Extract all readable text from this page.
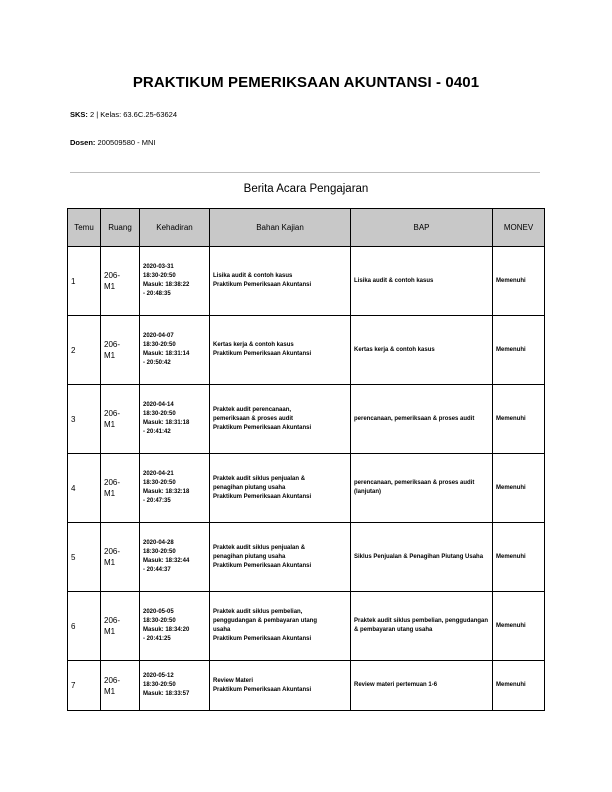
PRAKTIKUM PEMERIKSAAN AKUNTANSI - 0401
SKS: 2 | Kelas: 63.6C.25-63624
Dosen: 200509580 - MNI
Berita Acara Pengajaran
Temu	Ruang	Kehadiran	Bahan Kajian	BAP	MONEV
1	206-
M1	2020-03-31
18:30-20:50
Masuk: 18:38:22
- 20:48:35	Lisika audit & contoh kasus
Praktikum Pemeriksaan Akuntansi	Lisika audit & contoh kasus	Memenuhi
2	206-
M1	2020-04-07
18:30-20:50
Masuk: 18:31:14
- 20:50:42	Kertas kerja & contoh kasus
Praktikum Pemeriksaan Akuntansi	Kertas kerja & contoh kasus	Memenuhi
3	206-
M1	2020-04-14
18:30-20:50
Masuk: 18:31:18
- 20:41:42	Praktek audit perencanaan,
pemeriksaan & proses audit
Praktikum Pemeriksaan Akuntansi	perencanaan, pemeriksaan & proses audit	Memenuhi
4	206-
M1	2020-04-21
18:30-20:50
Masuk: 18:32:18
- 20:47:35	Praktek audit siklus penjualan &
penagihan piutang usaha
Praktikum Pemeriksaan Akuntansi	perencanaan, pemeriksaan & proses audit (lanjutan)	Memenuhi
5	206-
M1	2020-04-28
18:30-20:50
Masuk: 18:32:44
- 20:44:37	Praktek audit siklus penjualan &
penagihan piutang usaha
Praktikum Pemeriksaan Akuntansi	Siklus Penjualan & Penagihan Piutang Usaha	Memenuhi
6	206-
M1	2020-05-05
18:30-20:50
Masuk: 18:34:20
- 20:41:25	Praktek audit siklus pembelian,
penggudangan & pembayaran utang
usaha
Praktikum Pemeriksaan Akuntansi	Praktek audit siklus pembelian, penggudangan & pembayaran utang usaha	Memenuhi
7	206-
M1	2020-05-12
18:30-20:50
Masuk: 18:33:57	Review Materi
Praktikum Pemeriksaan Akuntansi	Review materi pertemuan 1-6	Memenuhi
